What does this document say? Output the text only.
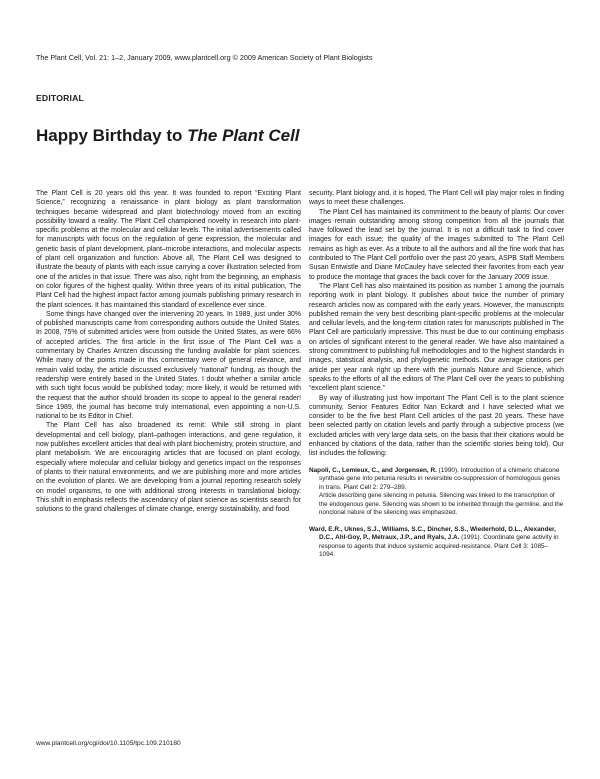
The Plant Cell, Vol. 21: 1–2, January 2009, www.plantcell.org © 2009 American Society of Plant Biologists
EDITORIAL
Happy Birthday to The Plant Cell

The Plant Cell is 20 years old this year. It was founded to report “Exciting Plant Science,” recognizing a renaissance in plant biology as plant transformation techniques became widespread and plant biotechnology moved from an exciting possibility toward a reality. The Plant Cell championed novelty in research into plant-specific problems at the molecular and cellular levels. The initial advertisements called for manuscripts with focus on the regulation of gene expression, the molecular and genetic basis of plant development, plant–microbe interactions, and molecular aspects of plant cell organization and function. Above all, The Plant Cell was designed to illustrate the beauty of plants with each issue carrying a cover illustration selected from one of the articles in that issue. There was also, right from the beginning, an emphasis on color figures of the highest quality. Within three years of its initial publication, The Plant Cell had the highest impact factor among journals publishing primary research in the plant sciences. It has maintained this standard of excellence ever since.

Some things have changed over the intervening 20 years. In 1989, just under 30% of published manuscripts came from corresponding authors outside the United States. In 2008, 75% of submitted articles were from outside the United States, as were 66% of accepted articles. The first article in the first issue of The Plant Cell was a commentary by Charles Arntzen discussing the funding available for plant sciences. While many of the points made in this commentary were of general relevance, and remain valid today, the article discussed exclusively “national” funding, as though the readership were entirely based in the United States. I doubt whether a similar article with such tight focus would be published today; more likely, it would be returned with the request that the author should broaden its scope to appeal to the general reader! Since 1989, the journal has become truly international, even appointing a non-U.S. national to be its Editor in Chief.

The Plant Cell has also broadened its remit: While still strong in plant developmental and cell biology, plant–pathogen interactions, and gene regulation, it now publishes excellent articles that deal with plant biochemistry, protein structure, and plant metabolism. We are encouraging articles that are focused on plant ecology, especially where molecular and cellular biology and genetics impact on the responses of plants to their natural environments, and we are publishing more and more articles on the evolution of plants. We are developing from a journal reporting research solely on model organisms, to one with additional strong interests in translational biology. This shift in emphasis reflects the ascendancy of plant science as scientists search for solutions to the grand challenges of climate change, energy sustainability, and food

security. Plant biology and, it is hoped, The Plant Cell will play major roles in finding ways to meet these challenges.

The Plant Cell has maintained its commitment to the beauty of plants: Our cover images remain outstanding among strong competition from all the journals that have followed the lead set by the journal. It is not a difficult task to find cover images for each issue; the quality of the images submitted to The Plant Cell remains as high as ever. As a tribute to all the authors and all the fine work that has contributed to The Plant Cell portfolio over the past 20 years, ASPB Staff Members Susan Entwistle and Diane McCauley have selected their favorites from each year to produce the montage that graces the back cover for the January 2009 issue.

The Plant Cell has also maintained its position as number 1 among the journals reporting work in plant biology. It publishes about twice the number of primary research articles now as compared with the early years. However, the manuscripts published remain the very best describing plant-specific problems at the molecular and cellular levels, and the long-term citation rates for manuscripts published in The Plant Cell are particularly impressive. This must be due to our continuing emphasis on articles of significant interest to the general reader. We have also maintained a strong commitment to publishing full methodologies and to the highest standards in images, statistical analysis, and phylogenetic methods. Our average citations per article per year rank right up there with the journals Nature and Science, which speaks to the efforts of all the editors of The Plant Cell over the years to publishing “excellent plant science.”

By way of illustrating just how important The Plant Cell is to the plant science community, Senior Features Editor Nan Eckardt and I have selected what we consider to be the five best Plant Cell articles of the past 20 years. These have been selected partly on citation levels and partly through a subjective process (we excluded articles with very large data sets, on the basis that their citations would be enhanced by citations of the data, rather than the scientific stories being told). Our list includes the following:

Napoli, C., Lemieux, C., and Jorgensen, R. (1990). Introduction of a chimeric chalcone synthase gene into petunia results in reversible co-suppression of homologous genes in trans. Plant Cell 2: 279–289.

Article describing gene silencing in petunia. Silencing was linked to the transcription of the endogenous gene. Silencing was shown to be inherited through the germline, and the nonclonal nature of the silencing was emphasized.

Ward, E.R., Uknes, S.J., Williams, S.C., Dincher, S.S., Wiederhold, D.L., Alexander, D.C., Ahl-Goy, P., Metraux, J.P., and Ryals, J.A. (1991). Coordinate gene activity in response to agents that induce systemic acquired-resistance. Plant Cell 3: 1085–1094.

www.plantcell.org/cgi/doi/10.1105/tpc.109.210180
